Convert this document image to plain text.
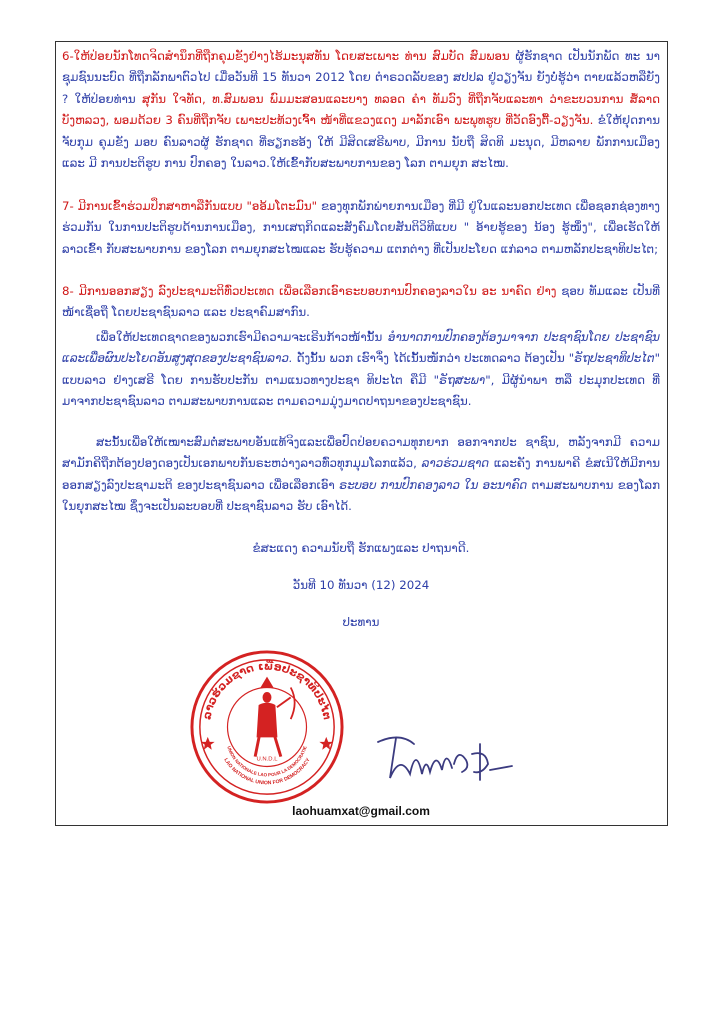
6-ໃຫ້ປ່ອຍນັກໂທດຈິດສຳນຶກທີ່ຖືກຄຸມຂັງຢ່າງໄຮ້ມະນຸສທັນ ໂດຍສະເພາະ ທ່ານ ສົມບັດ ສົມພອນ ຜູ້ຮັກຊາດ ເປັນນັກພັດ ທະ ນາ ຊຸມຊົນນະບົດ ທີ່ຖືກລັກພາຕົວໄປ ເມື່ອວັນທີ 15 ທັນວາ 2012 ໂດຍ ຕຳຣວດລັບຂອງ ສປປລ ຢູ່ວຽງຈັນ ຍັງບໍ່ຮູ້ວ່າ ຕາຍແລ້ວຫລືຍັງ ? ໃຫ້ປ່ອຍທ່ານ ສຸກັນ ໃຈທັດ, ທ.ສົມພອນ ພົມມະສອນແລະບາງ ທລອດ ຄຳ ທັມວົງ ທີ່ຖືກຈັບແລະທາ ວ່າຂະບວນການ ສໍ້ລາດ ບັງຫລວງ, ພອມດ້ວຍ 3 ຄົນທີ່ຖືກຈັບ ເພາະປະທ້ວງເຈົ້າ ໜ້າທີ່ແຂວງແດງ ມາລັກເອົາ ພະພຸທຮູບ ທີ່ວັດອົງຕື້-ວຽງຈັນ. ຂໍໃຫ້ຢຸດການຈັບກຸມ ຄຸມຂັງ ມອບ ຄົນລາວຜູ້ ຮັກຊາດ ທີ່ຮຽກຮອ້ງ ໃຫ້ ມີສິດເສຣີພາບ, ມີການ ນັບຖື ສິດທິ ມະນຸດ, ມີຫລາຍ ພັກການເມືອງ ແລະ ມີ ການປະຕິຮູບ ການ ປົກຄອງ ໃນລາວ.ໃຫ້ເຂົ້າກັບສະພາບການຂອງ ໂລກ ຕາມຍຸກ ສະໄໝ.
7- ມີການເຂົ້າຮ່ວມປຶກສາຫາລືກັນແບບ "ອອ້ມໂຕະມົນ" ຂອງທຸກພັກພ່າຍການເມືອງ ທີ່ມີ ຢູ່ໃນແລະນອກປະເທດ ເພື່ອຊອກຊ່ອງທາງຮ່ວມກັນ ໃນການປະຕິຮູບດ້ານການເມືອງ, ການເສຖກິດແລະສັງຄົມໂດຍສັນຕິວິທີແບບ " ອ້າຍຮູ້ຂອງ ນ້ອງ ຮູ້ໜຶ່ງ", ເພື່ອເຮັດໃຫ້ ລາວເຂົ້າ ກັບສະພາບການ ຂອງໂລກ ຕາມຍຸກສະໄໝແລະ ຮັບຮູ້ຄວາມ ແຕກຕ່າງ ທີ່ເປັນປະໂຍດ ແກ່ລາວ ຕາມຫລັກປະຊາທິປະໄຕ;
8- ມີການອອກສຽງ ລົງປະຊາມະຕິທົ່ວປະເທດ ເພື່ອເລືອກເອົາຣະບອບການປົກຄອງລາວໃນ ອະ ນາຄົດ ຢ່າງ ຊອບ ທັມແລະ ເປັນທີ່ໜ້າເຊື່ອຖື ໂດຍປະຊາຊົນລາວ ແລະ ປະຊາຄົມສາກົນ.
ເພື່ອໃຫ້ປະເທດຊາດຂອງພວກເຮົາມີຄວາມຈະເຣີນກ້າວໜ້ານັ້ນ ອຳນາດການປົກຄອງຕ້ອງມາຈາກ ປະຊາຊົນໂດຍ ປະຊາຊົນແລະເພື່ອຜົນປະໂຍດອັນສູງສຸດຂອງປະຊາຊົນລາວ. ດັ່ງນັ້ນ ພວກ ເຮົາຈຶ່ງ ໄດ້ເນັ້ນໜັກວ່າ ປະເທດລາວ ຕ້ອງເປັນ "ຣັຖປະຊາທິປະໄຕ" ແບບລາວ ຢ່າງເສຣີ ໂດຍ ການຮັບປະກັນ ຕາມແນວທາງປະຊາ ທິປະໄຕ ຄືມີ "ຣັຖສະພາ", ມີຜູ້ນຳພາ ຫລື ປະມຸກປະເທດ ທີ່ ມາຈາກປະຊາຊົນລາວ ຕາມສະພາບການແລະ ຕາມຄວາມມຸ່ງມາດປາຖນາຂອງປະຊາຊົນ.
ສະນັ້ນເພື່ອໃຫ້ເໝາະສົມຕໍ່ສະພາບອັນແທ້ຈິງແລະເພື່ອປົດປ່ອຍຄວາມທຸກຍາກ ອອກຈາກປະ ຊາຊົນ, ຫລັງຈາກມີ ຄວາມສາມັກຄີຖືກຕ້ອງປອງດອງເປັນເອກພາບກັນຣະຫວ່າງລາວທົ່ວທຸກມຸມໂລກແລ້ວ, ລາວຮ່ວມຊາດ ແລະຄັງ ການພາຄີ ຂໍສເນີໃຫ້ມີການອອກສຽງລົງປະຊາມະຕິ ຂອງປະຊາຊົນລາວ ເພື່ອເລືອກເອົາ ຣະບອບ ການປົກຄອງລາວ ໃນ ອະນາຄົດ ຕາມສະພາບການ ຂອງໂລກ ໃນຍຸກສະໄໝ ຊຶ່ງຈະເປັນລະບອບທີ່ ປະຊາຊົນລາວ ຮັບ ເອົາໄດ້.
ຂໍສະແດງ ຄວາມນັບຖື ຮັກແພງແລະ ປາຖນາດີ.
ວັນທີ 10 ທັນວາ (12) 2024
ປະທານ
ລາວຮ່ວມຊາດ ເພື່ອປະຊາທິປະໄຕ
LAO NATIONAL UNION FOR DEMOCRACY
UNION NATIONALE LAO POUR LA DEMOCRATIE
U.N.D.L
laohuamxat@gmail.com
